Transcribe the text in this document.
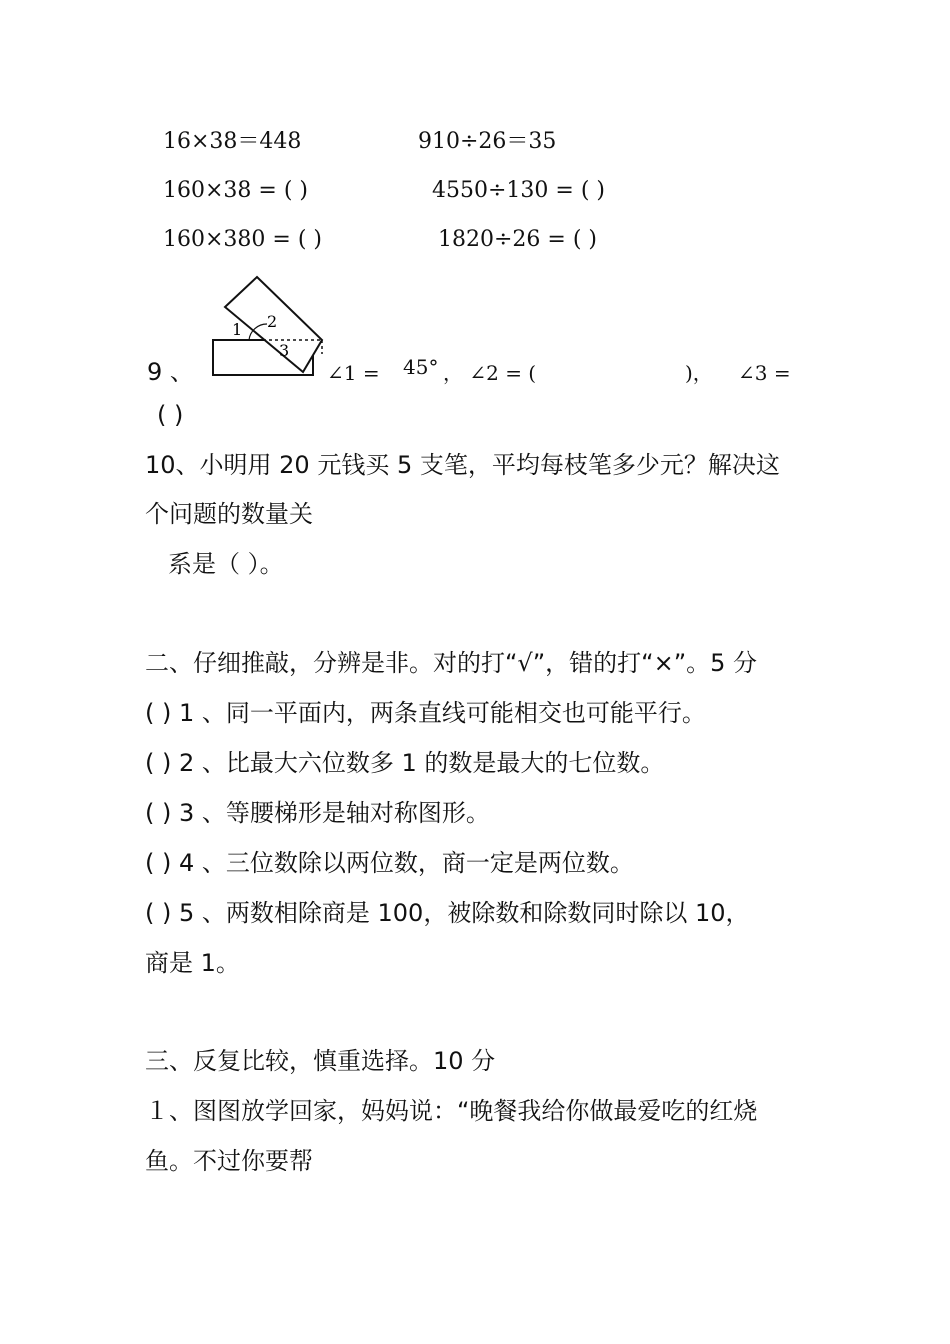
16×38＝448	910÷26＝35
160×38 = ( )	4550÷130 = ( )
160×380 = ( )	1820÷26 = ( )
9 、
1 2
3
∠1 = 45° ， ∠2 = (	)， ∠3 =
( )
10、小明用 20 元钱买 5 支笔，平均每枝笔多少元？解决这
个问题的数量关
系是（ ）。
二、仔细推敲，分辨是非。对的打“√”，错的打“×”。5 分
( ) 1 、同一平面内，两条直线可能相交也可能平行。
( ) 2 、比最大六位数多 1 的数是最大的七位数。
( ) 3 、等腰梯形是轴对称图形。
( ) 4 、三位数除以两位数，商一定是两位数。
( ) 5 、两数相除商是 100，被除数和除数同时除以 10，
商是 1。
三、反复比较，慎重选择。10 分
１、图图放学回家，妈妈说：“晚餐我给你做最爱吃的红烧
鱼。不过你要帮
